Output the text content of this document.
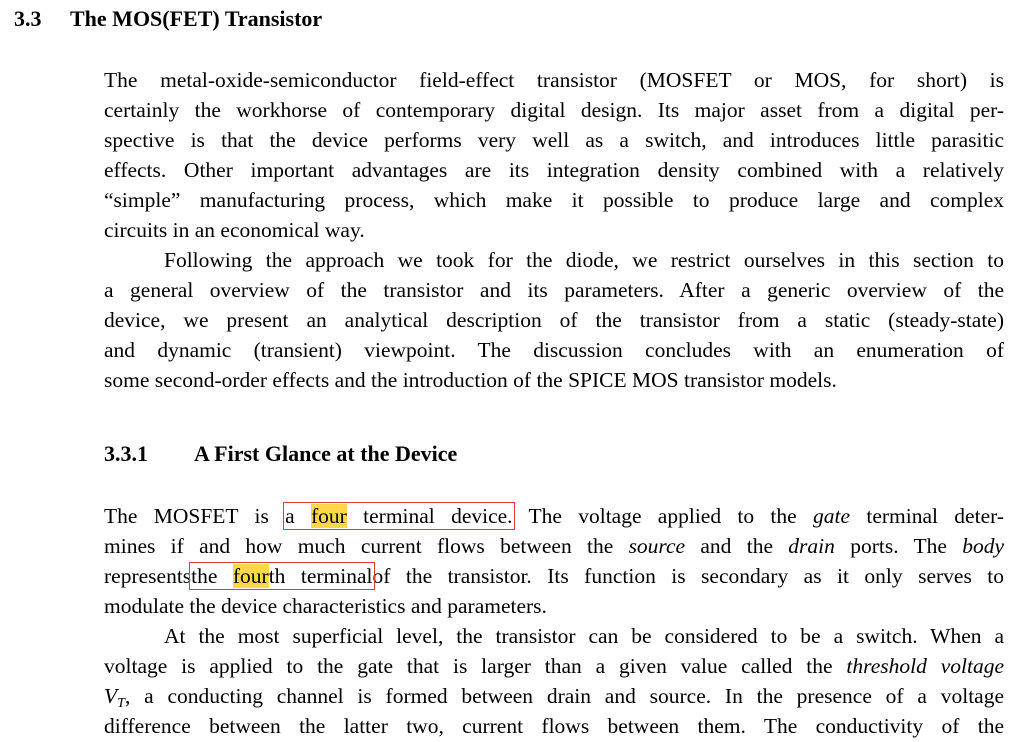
3.3 The MOS(FET) Transistor
The metal-oxide-semiconductor field-effect transistor (MOSFET or MOS, for short) is
certainly the workhorse of contemporary digital design. Its major asset from a digital per-
spective is that the device performs very well as a switch, and introduces little parasitic
effects. Other important advantages are its integration density combined with a relatively
“simple” manufacturing process, which make it possible to produce large and complex
circuits in an economical way.
Following the approach we took for the diode, we restrict ourselves in this section to
a general overview of the transistor and its parameters. After a generic overview of the
device, we present an analytical description of the transistor from a static (steady-state)
and dynamic (transient) viewpoint. The discussion concludes with an enumeration of
some second-order effects and the introduction of the SPICE MOS transistor models.
3.3.1 A First Glance at the Device
The MOSFET is a four terminal device. The voltage applied to the gate terminal deter-
mines if and how much current flows between the source and the drain ports. The body
representsthe fourth terminalof the transistor. Its function is secondary as it only serves to
modulate the device characteristics and parameters.
At the most superficial level, the transistor can be considered to be a switch. When a
voltage is applied to the gate that is larger than a given value called the threshold voltage
$V_T$, a conducting channel is formed between drain and source. In the presence of a voltage
difference between the latter two, current flows between them. The conductivity of the
